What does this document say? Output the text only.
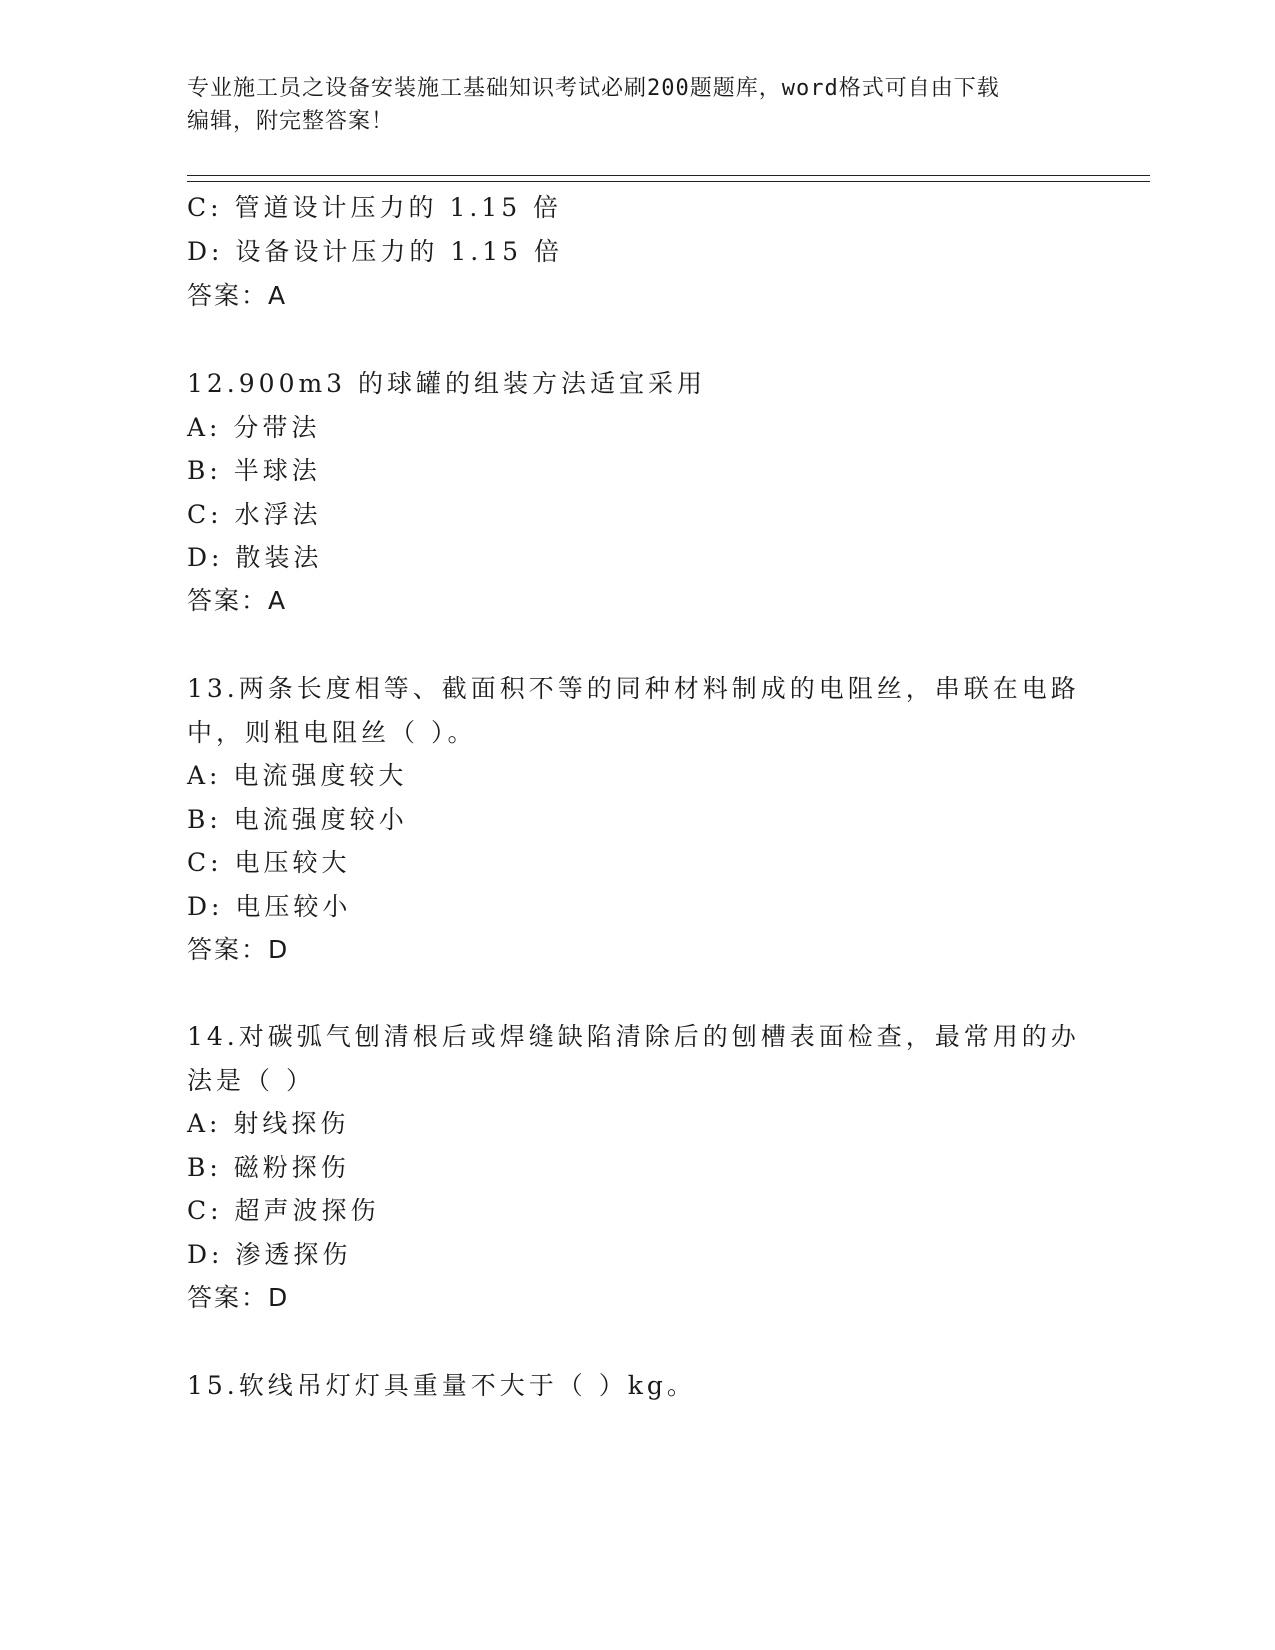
专业施工员之设备安装施工基础知识考试必刷200题题库，word格式可自由下载
编辑，附完整答案！
C: 管道设计压力的 1.15 倍
D: 设备设计压力的 1.15 倍
答案：A
12.900m3 的球罐的组装方法适宜采用
A: 分带法
B: 半球法
C: 水浮法
D: 散装法
答案：A
13.两条长度相等、截面积不等的同种材料制成的电阻丝，串联在电路
中，则粗电阻丝（ ）。
A: 电流强度较大
B: 电流强度较小
C: 电压较大
D: 电压较小
答案：D
14.对碳弧气刨清根后或焊缝缺陷清除后的刨槽表面检查，最常用的办
法是（ ）
A: 射线探伤
B: 磁粉探伤
C: 超声波探伤
D: 渗透探伤
答案：D
15.软线吊灯灯具重量不大于（ ）kg。
